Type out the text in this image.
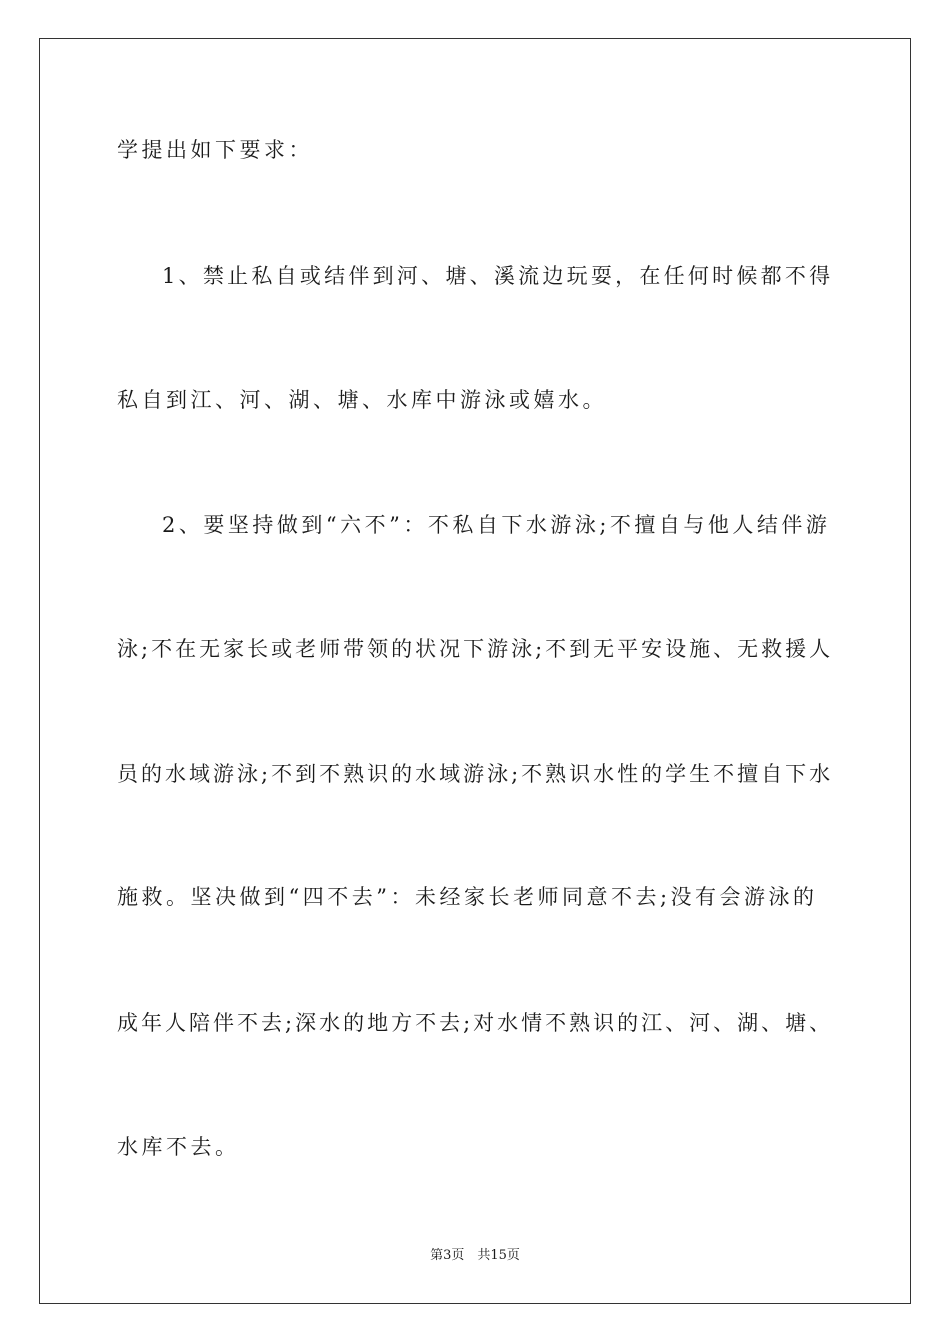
学提出如下要求：
1、禁止私自或结伴到河、塘、溪流边玩耍，在任何时候都不得
私自到江、河、湖、塘、水库中游泳或嬉水。
2、要坚持做到“六不”：不私自下水游泳;不擅自与他人结伴游
泳;不在无家长或老师带领的状况下游泳;不到无平安设施、无救援人
员的水域游泳;不到不熟识的水域游泳;不熟识水性的学生不擅自下水
施救。坚决做到“四不去”：未经家长老师同意不去;没有会游泳的
成年人陪伴不去;深水的地方不去;对水情不熟识的江、河、湖、塘、
水库不去。
第3页　共15页
